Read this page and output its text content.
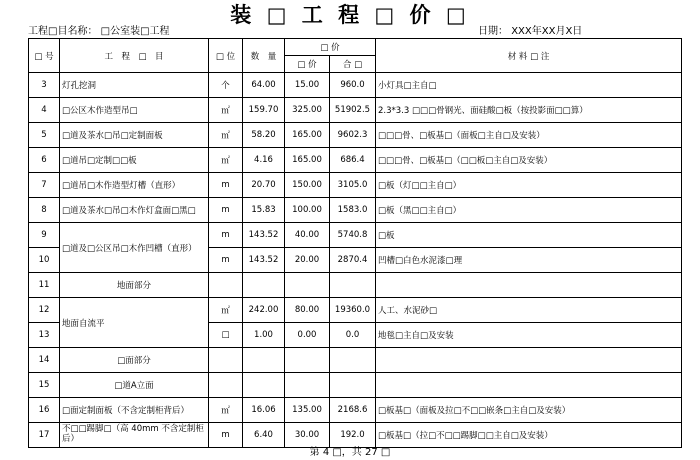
装 □ 工 程 □ 价 □
工程□目名称： □公室装□工程	日期： XXX年XX月X日
□ 号	工　程　□　目	□ 位	数　量	□ 价		材 料 □ 注
				□ 价	合 □	
3	灯孔挖洞	个	64.00	15.00	960.0	小灯具□主自□
4	□公区木作造型吊□	㎡	159.70	325.00	51902.5	2.3*3.3 □□□骨钢光、面硅酸□板（按投影面□□算）
5	□道及茶水□吊□定制面板	㎡	58.20	165.00	9602.3	□□□骨、□板基□（面板□主自□及安装）
6	□道吊□定制□□板	㎡	4.16	165.00	686.4	□□□骨、□板基□（□□板□主自□及安装）
7	□道吊□木作造型灯槽（直形）	m	20.70	150.00	3105.0	□板（灯□□主自□）
8	□道及茶水□吊□木作灯盒面□黑□	m	15.83	100.00	1583.0	□板（黑□□主自□）
9	□道及□公区吊□木作凹槽（直形）	m	143.52	40.00	5740.8	□板
10		m	143.52	20.00	2870.4	凹槽□白色水泥漆□理
11	地面部分					
12	地面自流平	㎡	242.00	80.00	19360.0	人工、水泥砂□
13		□	1.00	0.00	0.0	地毯□主自□及安装
14	□面部分					
15	□道A立面					
16	□面定制面板（不含定制柜背后）	㎡	16.06	135.00	2168.6	□板基□（面板及拉□不□□嵌条□主自□及安装）
17	不□□踢脚□（高 40mm 不含定制柜后）	m	6.40	30.00	192.0	□板基□（拉□不□□踢脚□□主自□及安装）
第 4 □，共 27 □
